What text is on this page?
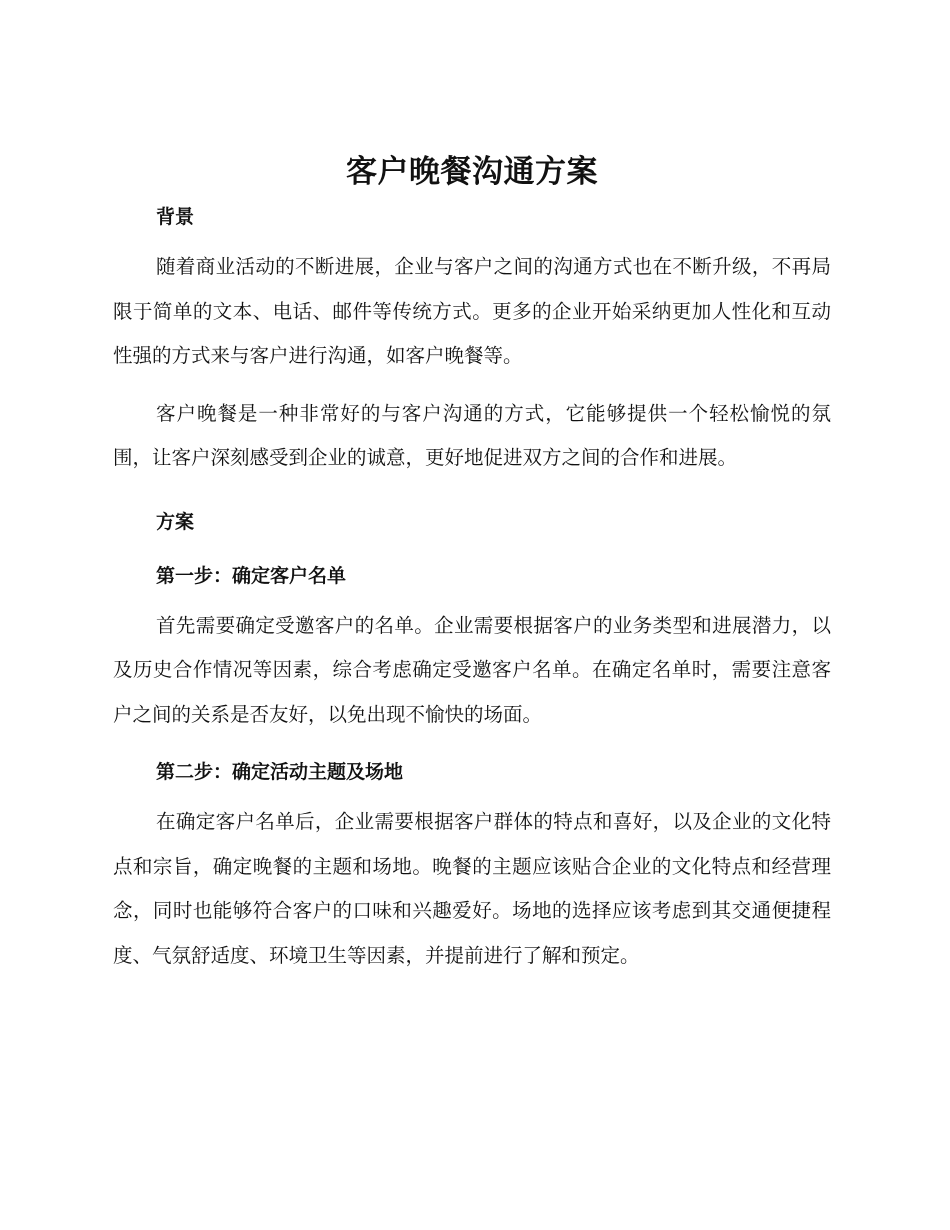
客户晚餐沟通方案
背景

随着商业活动的不断进展，企业与客户之间的沟通方式也在不断升级，不再局限于简单的文本、电话、邮件等传统方式。更多的企业开始采纳更加人性化和互动性强的方式来与客户进行沟通，如客户晚餐等。

客户晚餐是一种非常好的与客户沟通的方式，它能够提供一个轻松愉悦的氛围，让客户深刻感受到企业的诚意，更好地促进双方之间的合作和进展。

方案
第一步：确定客户名单

首先需要确定受邀客户的名单。企业需要根据客户的业务类型和进展潜力，以及历史合作情况等因素，综合考虑确定受邀客户名单。在确定名单时，需要注意客户之间的关系是否友好，以免出现不愉快的场面。

第二步：确定活动主题及场地

在确定客户名单后，企业需要根据客户群体的特点和喜好，以及企业的文化特点和宗旨，确定晚餐的主题和场地。晚餐的主题应该贴合企业的文化特点和经营理念，同时也能够符合客户的口味和兴趣爱好。场地的选择应该考虑到其交通便捷程度、气氛舒适度、环境卫生等因素，并提前进行了解和预定。
